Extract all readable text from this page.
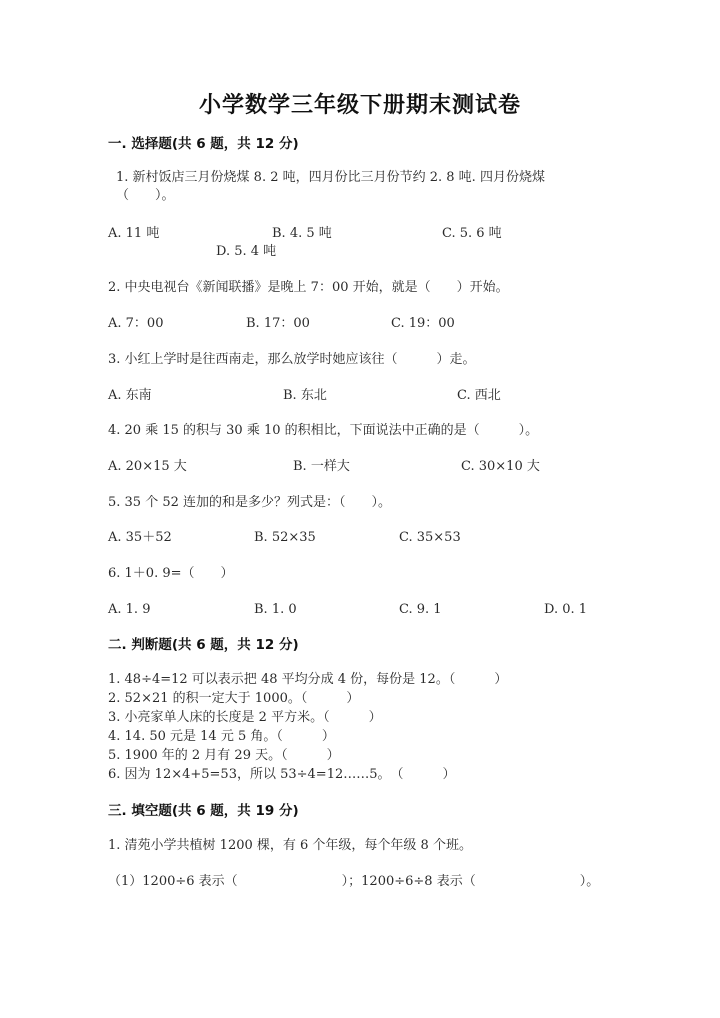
小学数学三年级下册期末测试卷
一. 选择题(共 6 题，共 12 分)
1. 新村饭店三月份烧煤 8. 2 吨，四月份比三月份节约 2. 8 吨. 四月份烧煤
（　　）。
A. 11 吨	B. 4. 5 吨	C. 5. 6 吨
D. 5. 4 吨
2. 中央电视台《新闻联播》是晚上 7：00 开始，就是（　　）开始。
A. 7：00	B. 17：00	C. 19：00
3. 小红上学时是往西南走，那么放学时她应该往（　　　）走。
A. 东南	B. 东北	C. 西北
4. 20 乘 15 的积与 30 乘 10 的积相比，下面说法中正确的是（　　　）。
A. 20×15 大	B. 一样大	C. 30×10 大
5. 35 个 52 连加的和是多少？列式是：（　　）。
A. 35＋52	B. 52×35	C. 35×53
6. 1＋0. 9=（　　）
A. 1. 9	B. 1. 0	C. 9. 1	D. 0. 1
二. 判断题(共 6 题，共 12 分)
1. 48÷4=12 可以表示把 48 平均分成 4 份，每份是 12。（　　　）
2. 52×21 的积一定大于 1000。（　　　）
3. 小亮家单人床的长度是 2 平方米。（　　　）
4. 14. 50 元是 14 元 5 角。（　　　）
5. 1900 年的 2 月有 29 天。（　　　）
6. 因为 12×4+5=53，所以 53÷4=12……5。　（　　　）
三. 填空题(共 6 题，共 19 分)
1. 清苑小学共植树 1200 棵，有 6 个年级，每个年级 8 个班。
（1）1200÷6 表示（　　　　　　　　）；1200÷6÷8 表示（　　　　　　　　）。
